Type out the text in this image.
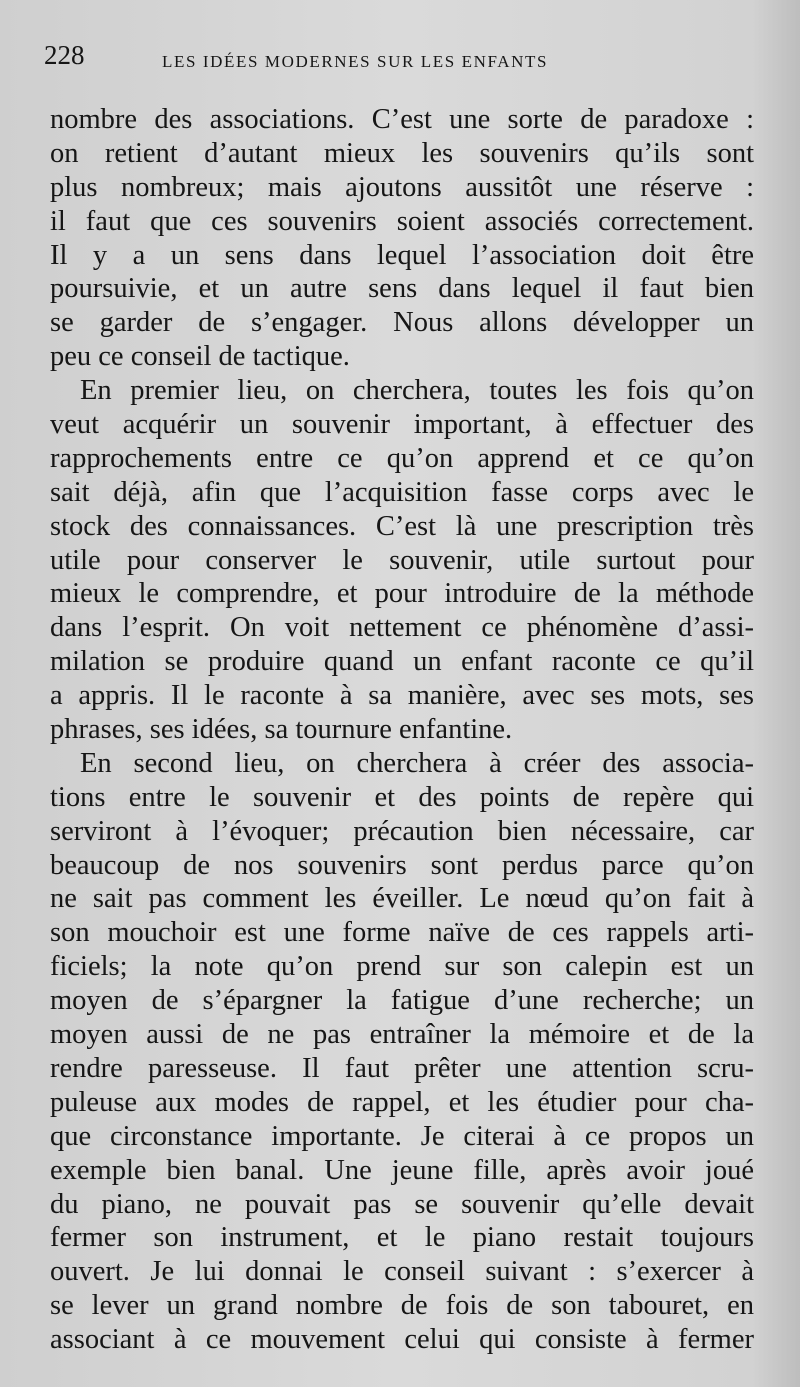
228	LES IDÉES MODERNES SUR LES ENFANTS
nombre des associations. C’est une sorte de paradoxe :
on retient d’autant mieux les souvenirs qu’ils sont
plus nombreux; mais ajoutons aussitôt une réserve :
il faut que ces souvenirs soient associés correctement.
Il y a un sens dans lequel l’association doit être
poursuivie, et un autre sens dans lequel il faut bien
se garder de s’engager. Nous allons développer un
peu ce conseil de tactique.
En premier lieu, on cherchera, toutes les fois qu’on
veut acquérir un souvenir important, à effectuer des
rapprochements entre ce qu’on apprend et ce qu’on
sait déjà, afin que l’acquisition fasse corps avec le
stock des connaissances. C’est là une prescription très
utile pour conserver le souvenir, utile surtout pour
mieux le comprendre, et pour introduire de la méthode
dans l’esprit. On voit nettement ce phénomène d’assi-
milation se produire quand un enfant raconte ce qu’il
a appris. Il le raconte à sa manière, avec ses mots, ses
phrases, ses idées, sa tournure enfantine.
En second lieu, on cherchera à créer des associa-
tions entre le souvenir et des points de repère qui
serviront à l’évoquer; précaution bien nécessaire, car
beaucoup de nos souvenirs sont perdus parce qu’on
ne sait pas comment les éveiller. Le nœud qu’on fait à
son mouchoir est une forme naïve de ces rappels arti-
ficiels; la note qu’on prend sur son calepin est un
moyen de s’épargner la fatigue d’une recherche; un
moyen aussi de ne pas entraîner la mémoire et de la
rendre paresseuse. Il faut prêter une attention scru-
puleuse aux modes de rappel, et les étudier pour cha-
que circonstance importante. Je citerai à ce propos un
exemple bien banal. Une jeune fille, après avoir joué
du piano, ne pouvait pas se souvenir qu’elle devait
fermer son instrument, et le piano restait toujours
ouvert. Je lui donnai le conseil suivant : s’exercer à
se lever un grand nombre de fois de son tabouret, en
associant à ce mouvement celui qui consiste à fermer
